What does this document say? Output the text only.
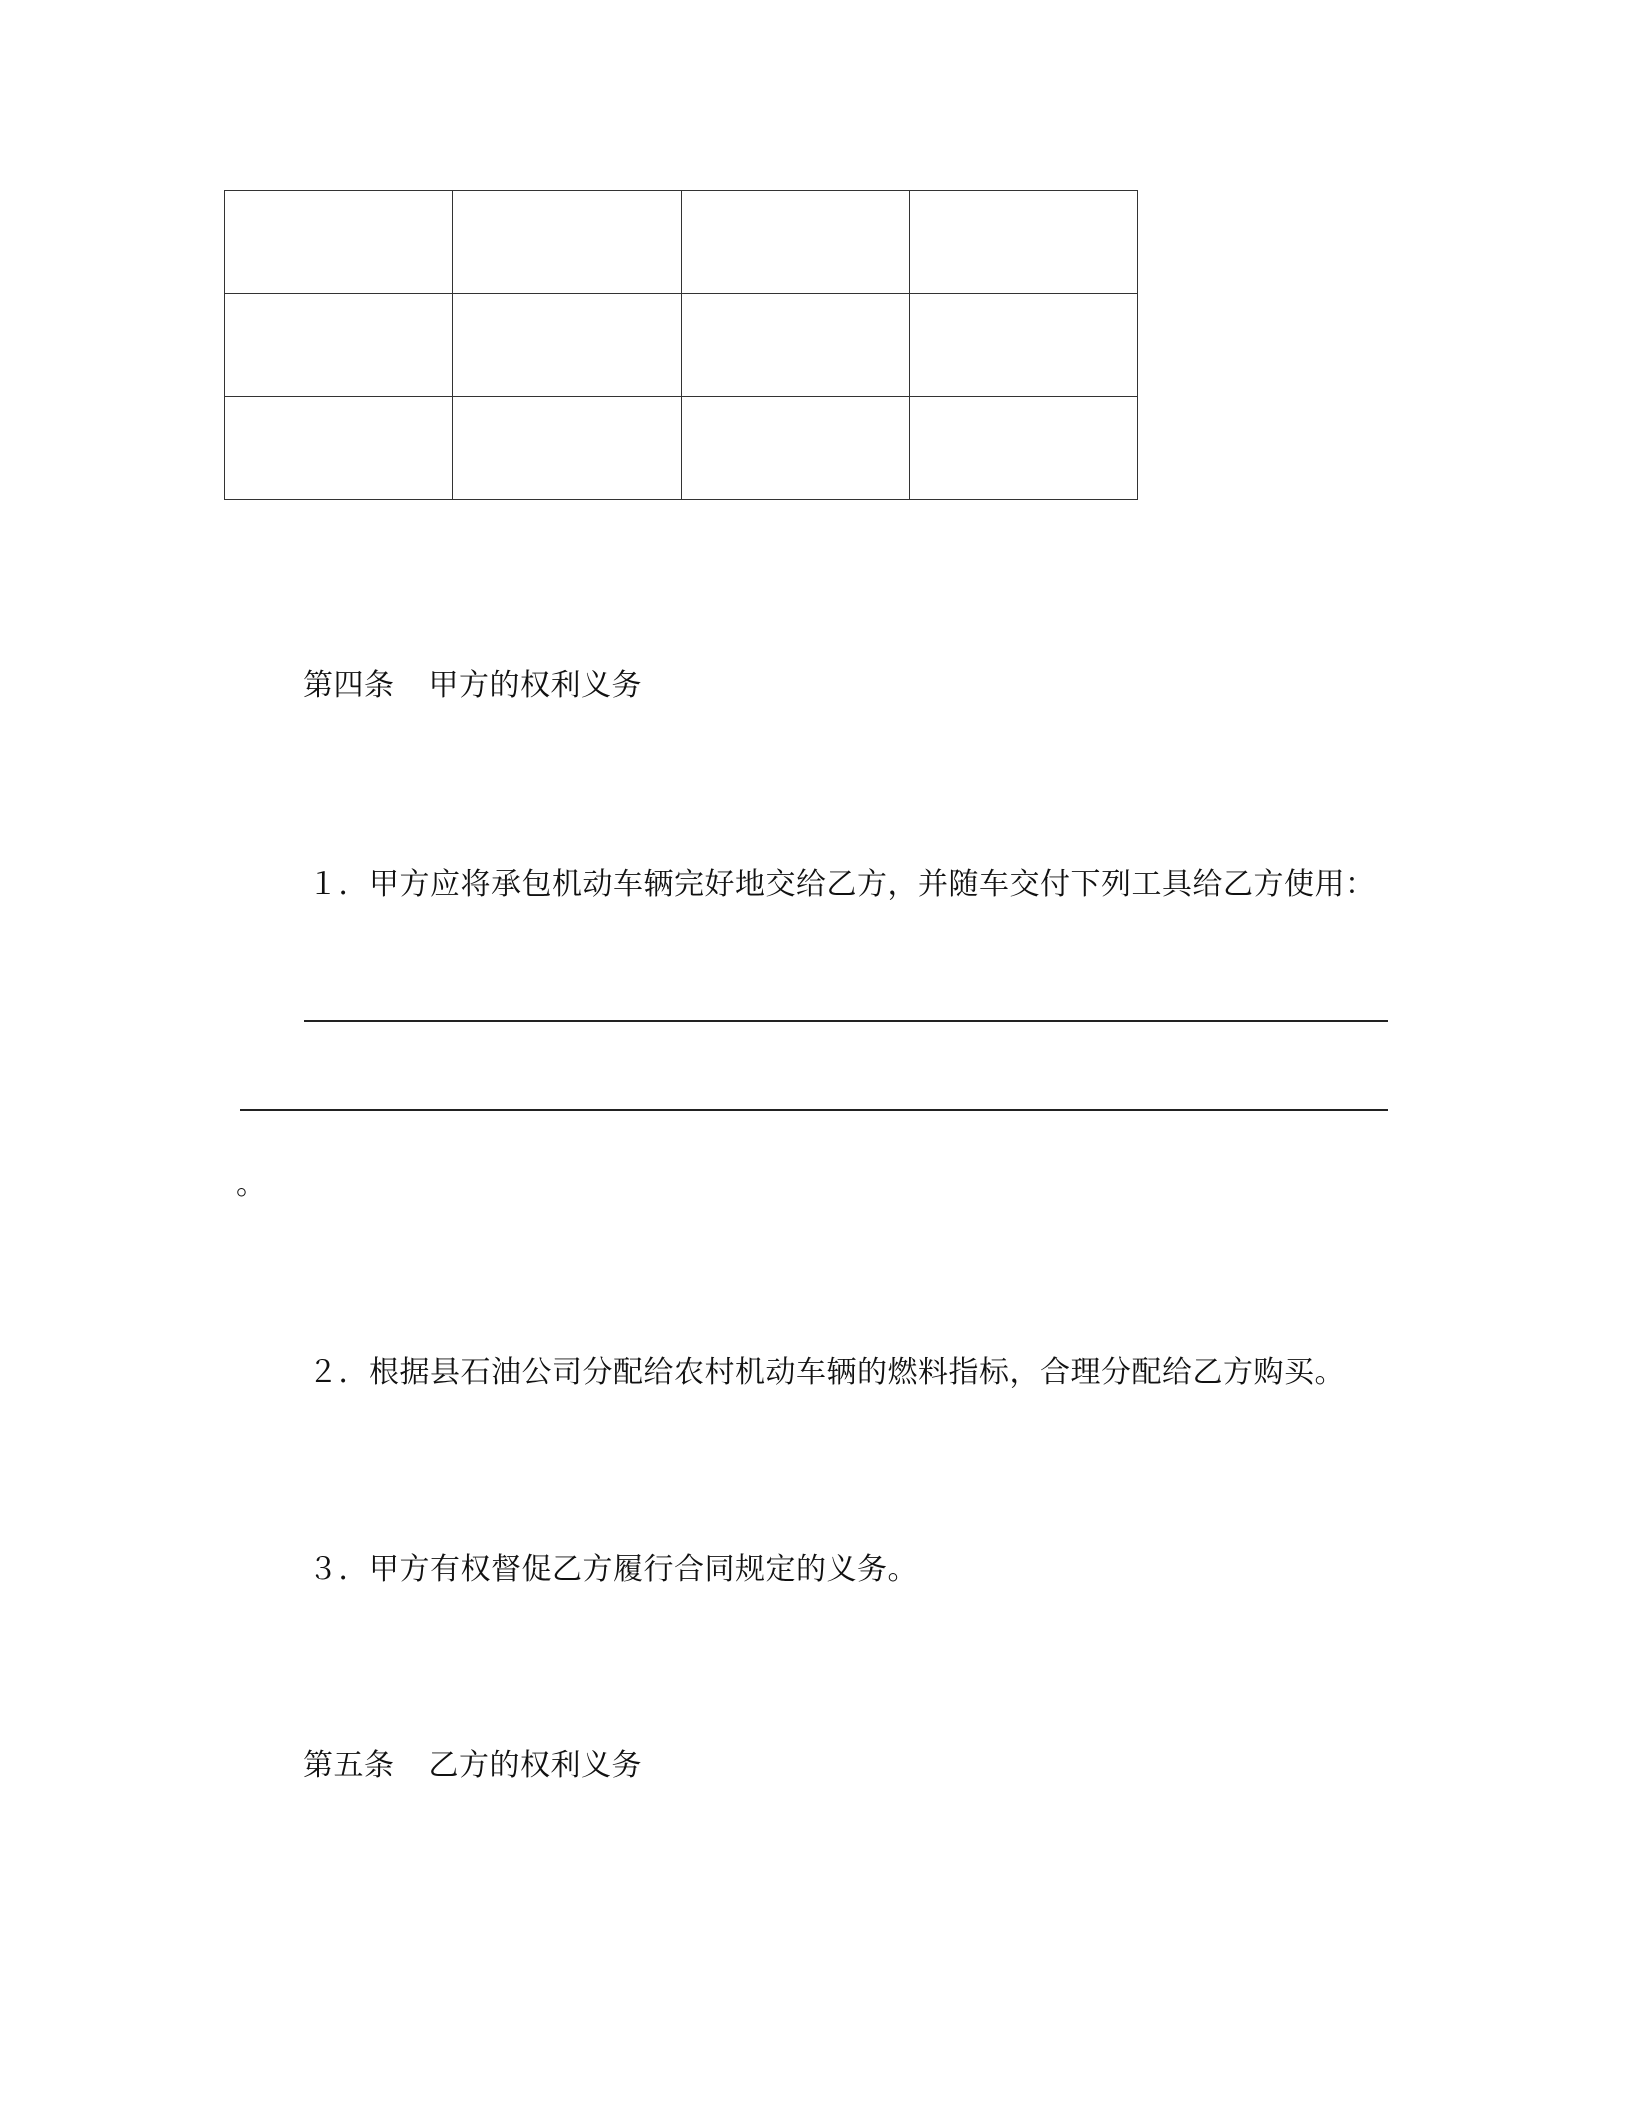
第四条 甲方的权利义务
１．甲方应将承包机动车辆完好地交给乙方，并随车交付下列工具给乙方使用：
。
２．根据县石油公司分配给农村机动车辆的燃料指标，合理分配给乙方购买。
３．甲方有权督促乙方履行合同规定的义务。
第五条 乙方的权利义务
